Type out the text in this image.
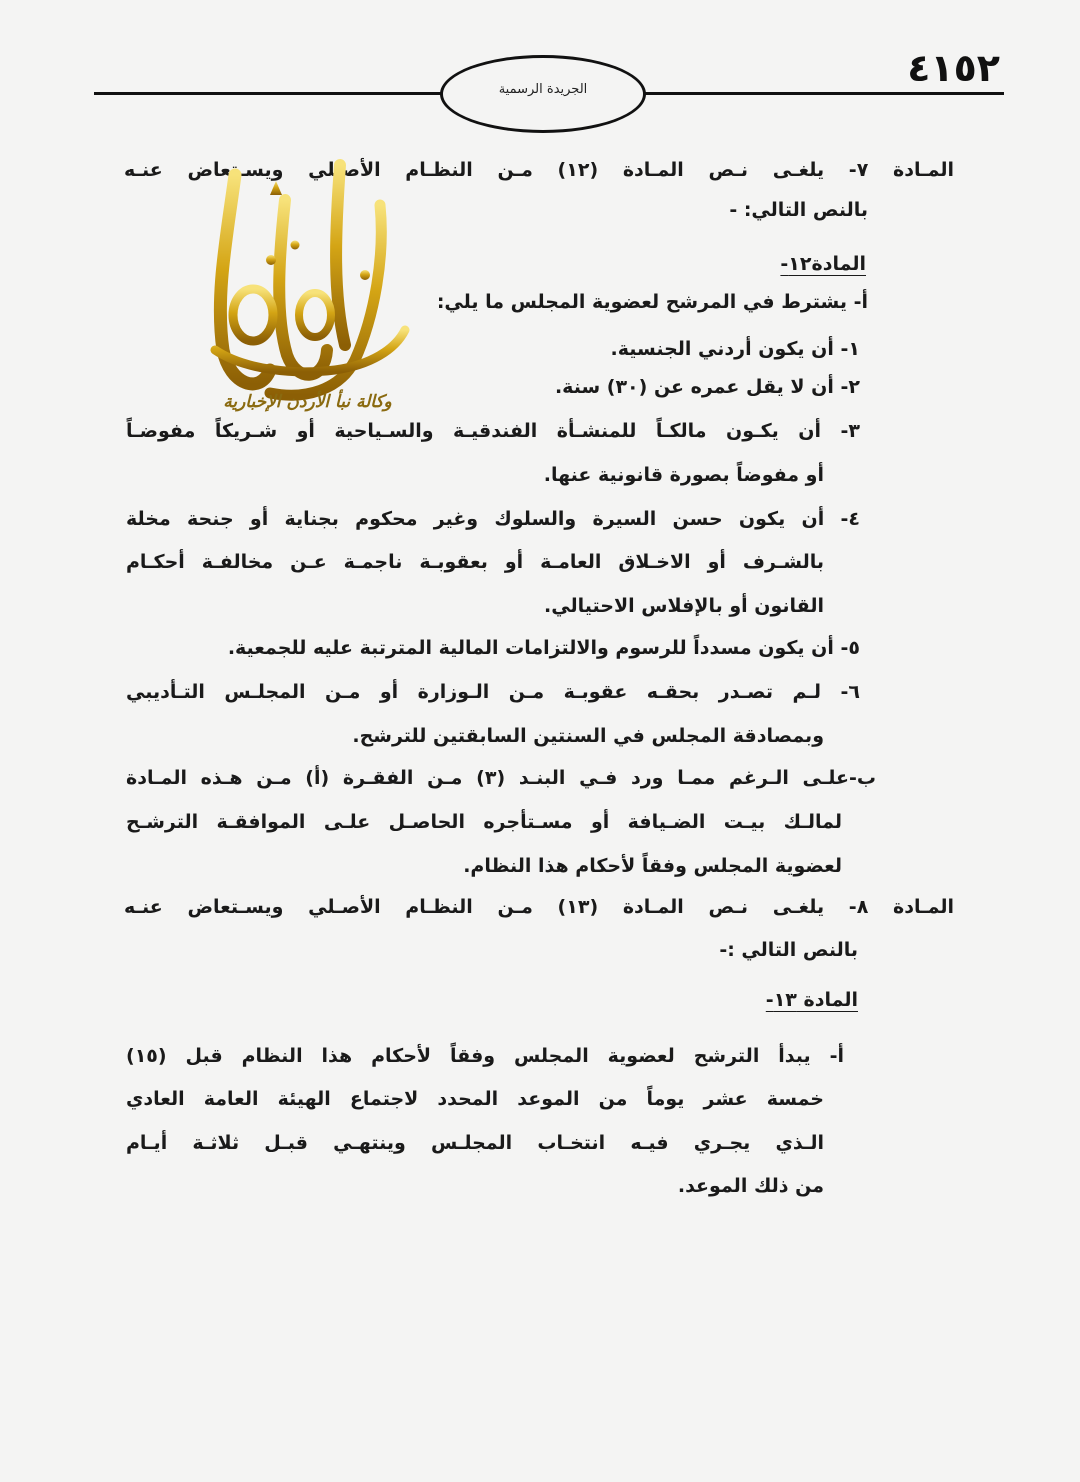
٤١٥٢
الجريدة الرسمية
المـادة ٧- يلغـى نـص المـادة (١٢) مـن النظـام الأصـلي ويسـتعاض عنـه
بالنص التالي: -
المادة١٢-
أ- يشترط في المرشح لعضوية المجلس ما يلي:
١- أن يكون أردني الجنسية.
٢- أن لا يقل عمره عن (٣٠) سنة.
٣- أن يكـون مالكـاً للمنشـأة الفندقيـة والسـياحية أو شـريكاً مفوضـاً
أو مفوضاً بصورة قانونية عنها.
٤- أن يكون حسن السيرة والسلوك وغير محكوم بجناية أو جنحة مخلة
بالشـرف أو الاخـلاق العامـة أو بعقوبـة ناجمـة عـن مخالفـة أحكـام
القانون أو بالإفلاس الاحتيالي.
٥- أن يكون مسدداً للرسوم والالتزامات المالية المترتبة عليه للجمعية.
٦- لـم تصـدر بحقـه عقوبـة مـن الـوزارة أو مـن المجلـس التـأديبي
وبمصادقة المجلس في السنتين السابقتين للترشح.
ب-علـى الـرغم ممـا ورد فـي البنـد (٣) مـن الفقـرة (أ) مـن هـذه المـادة
لمالـك بيـت الضـيافة أو مسـتأجره الحاصـل علـى الموافقـة الترشـح
لعضوية المجلس وفقاً لأحكام هذا النظام.
المـادة ٨- يلغـى نـص المـادة (١٣) مـن النظـام الأصـلي ويسـتعاض عنـه
بالنص التالي :-
المادة ١٣-
أ- يبدأ الترشح لعضوية المجلس وفقاً لأحكام هذا النظام قبل (١٥)
خمسة عشر يوماً من الموعد المحدد لاجتماع الهيئة العامة العادي
الـذي يجـري فيـه انتخـاب المجلـس وينتهـي قبـل ثلاثـة أيـام
من ذلك الموعد.
الأردن نبأ
وكالة نبأ الأردن الإخبارية
